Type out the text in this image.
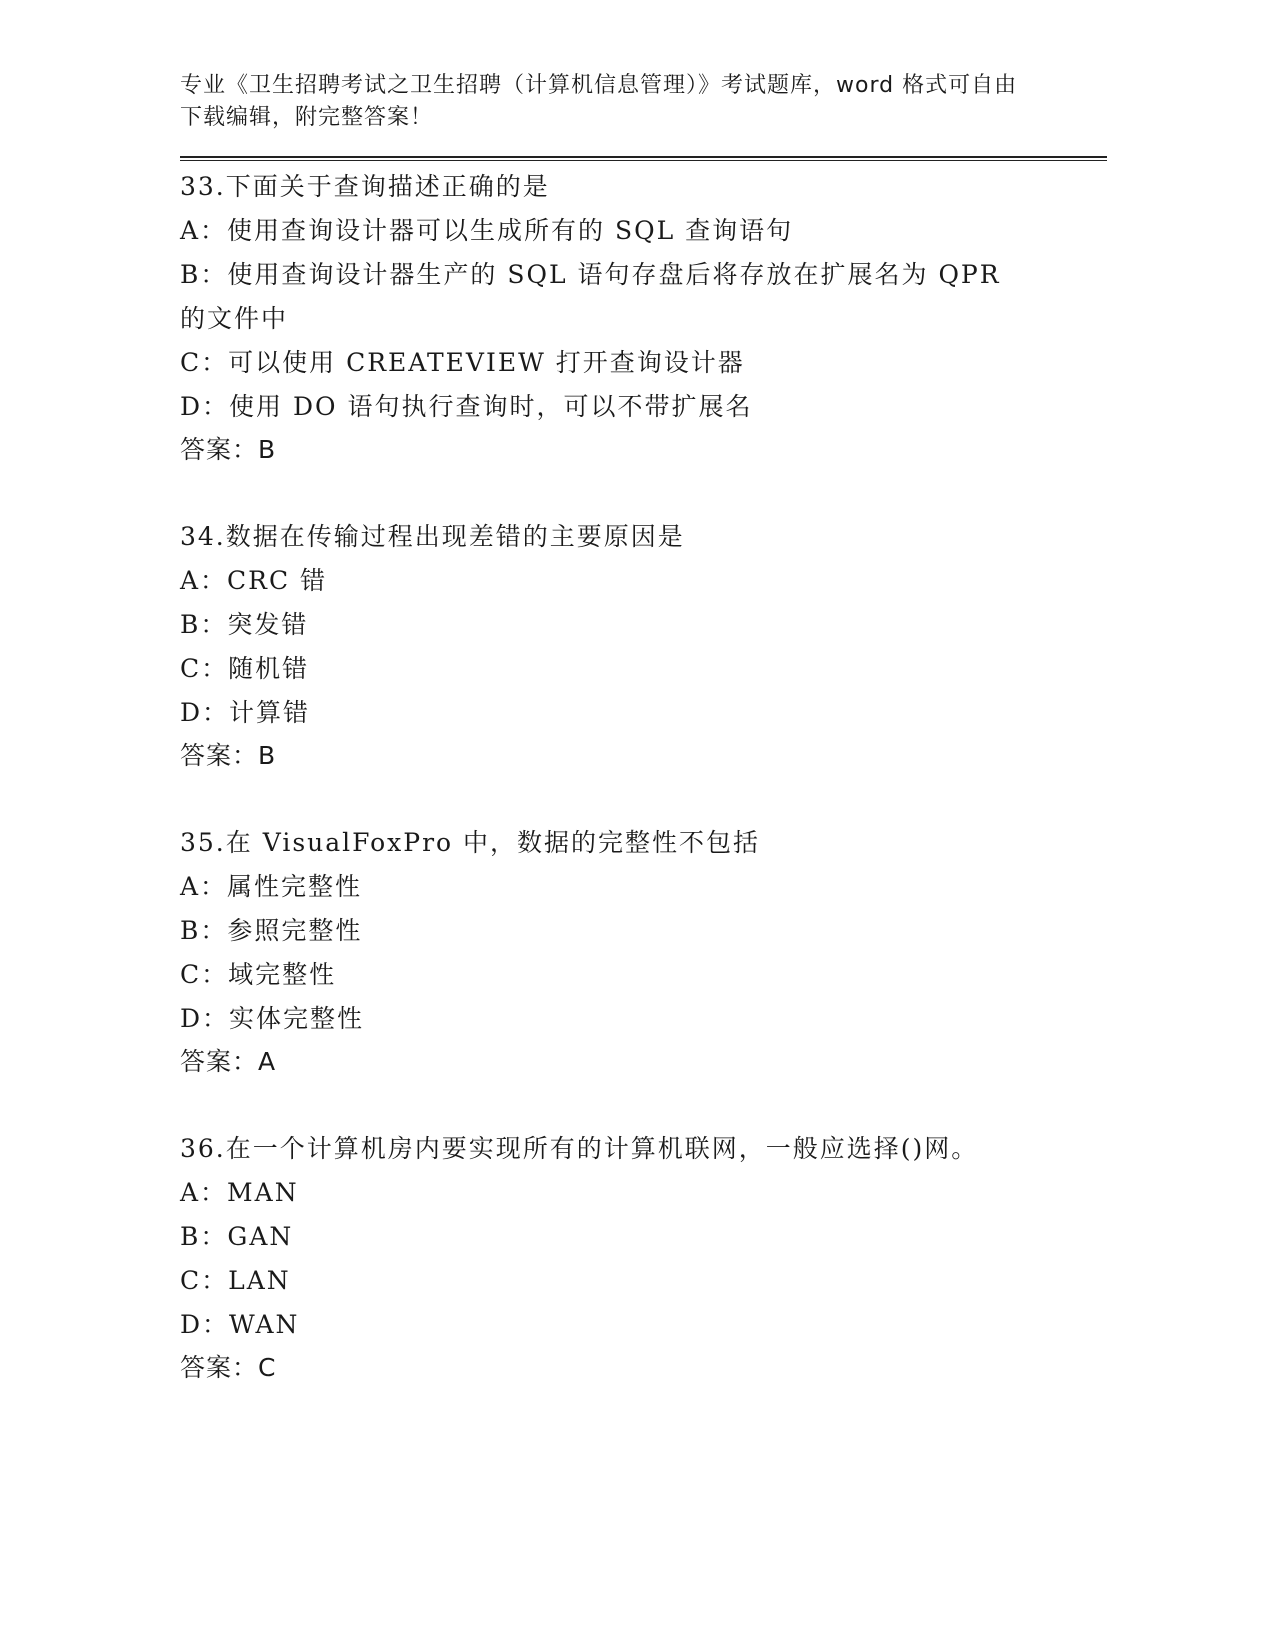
专业《卫生招聘考试之卫生招聘（计算机信息管理）》考试题库，word 格式可自由下载编辑，附完整答案！
33.下面关于查询描述正确的是
A：使用查询设计器可以生成所有的 SQL 查询语句
B：使用查询设计器生产的 SQL 语句存盘后将存放在扩展名为 QPR 的文件中
C：可以使用 CREATEVIEW 打开查询设计器
D：使用 DO 语句执行查询时，可以不带扩展名
答案：B
34.数据在传输过程出现差错的主要原因是
A：CRC 错
B：突发错
C：随机错
D：计算错
答案：B
35.在 VisualFoxPro 中，数据的完整性不包括
A：属性完整性
B：参照完整性
C：域完整性
D：实体完整性
答案：A
36.在一个计算机房内要实现所有的计算机联网，一般应选择()网。
A：MAN
B：GAN
C：LAN
D：WAN
答案：C
